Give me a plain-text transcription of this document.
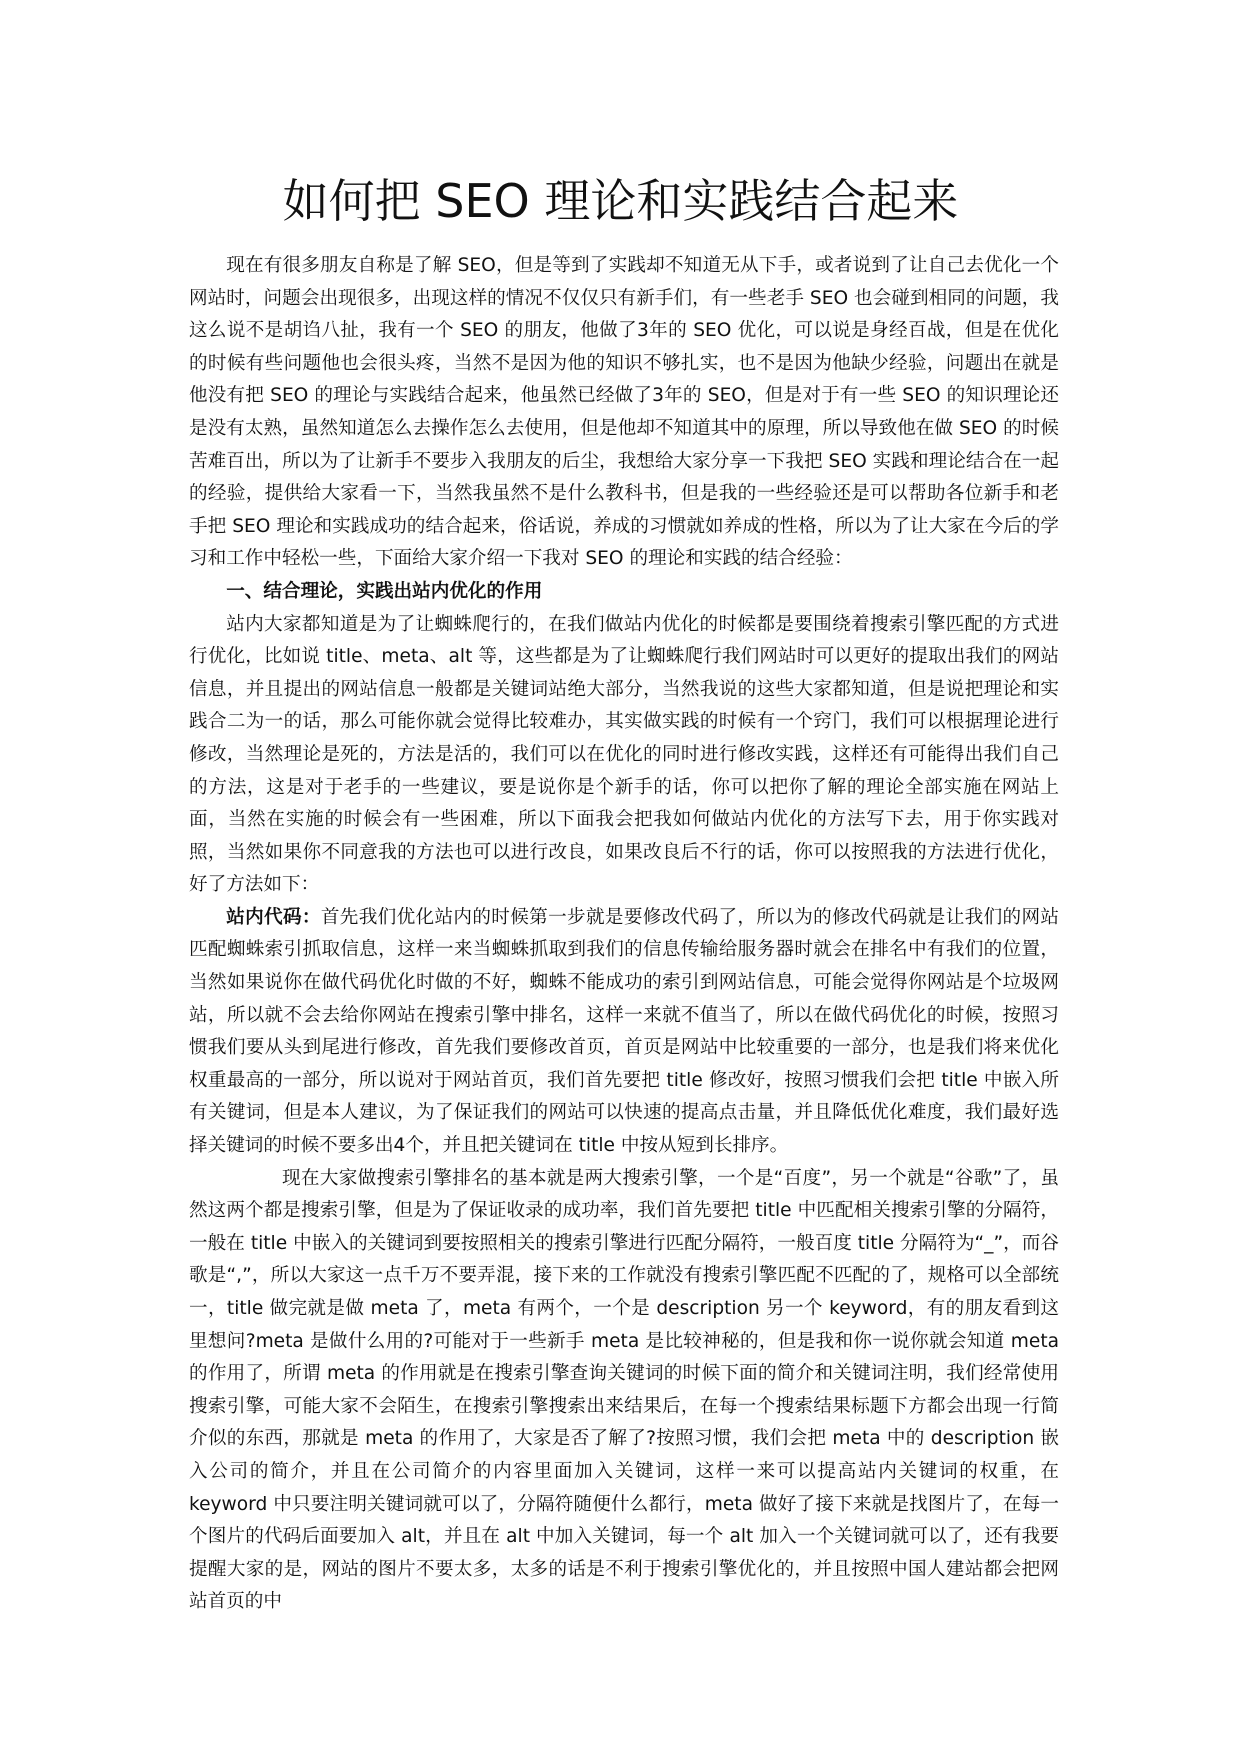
如何把 SEO 理论和实践结合起来

现在有很多朋友自称是了解 SEO，但是等到了实践却不知道无从下手，或者说到了让自己去优化一个网站时，问题会出现很多，出现这样的情况不仅仅只有新手们，有一些老手 SEO 也会碰到相同的问题，我这么说不是胡诌八扯，我有一个 SEO 的朋友，他做了3年的 SEO 优化，可以说是身经百战，但是在优化的时候有些问题他也会很头疼，当然不是因为他的知识不够扎实，也不是因为他缺少经验，问题出在就是他没有把 SEO 的理论与实践结合起来，他虽然已经做了3年的 SEO，但是对于有一些 SEO 的知识理论还是没有太熟，虽然知道怎么去操作怎么去使用，但是他却不知道其中的原理，所以导致他在做 SEO 的时候苦难百出，所以为了让新手不要步入我朋友的后尘，我想给大家分享一下我把 SEO 实践和理论结合在一起的经验，提供给大家看一下，当然我虽然不是什么教科书，但是我的一些经验还是可以帮助各位新手和老手把 SEO 理论和实践成功的结合起来，俗话说，养成的习惯就如养成的性格，所以为了让大家在今后的学习和工作中轻松一些，下面给大家介绍一下我对 SEO 的理论和实践的结合经验：

一、结合理论，实践出站内优化的作用

站内大家都知道是为了让蜘蛛爬行的，在我们做站内优化的时候都是要围绕着搜索引擎匹配的方式进行优化，比如说 title、meta、alt 等，这些都是为了让蜘蛛爬行我们网站时可以更好的提取出我们的网站信息，并且提出的网站信息一般都是关键词站绝大部分，当然我说的这些大家都知道，但是说把理论和实践合二为一的话，那么可能你就会觉得比较难办，其实做实践的时候有一个窍门，我们可以根据理论进行修改，当然理论是死的，方法是活的，我们可以在优化的同时进行修改实践，这样还有可能得出我们自己的方法，这是对于老手的一些建议，要是说你是个新手的话，你可以把你了解的理论全部实施在网站上面，当然在实施的时候会有一些困难，所以下面我会把我如何做站内优化的方法写下去，用于你实践对照，当然如果你不同意我的方法也可以进行改良，如果改良后不行的话，你可以按照我的方法进行优化，好了方法如下：

站内代码：首先我们优化站内的时候第一步就是要修改代码了，所以为的修改代码就是让我们的网站匹配蜘蛛索引抓取信息，这样一来当蜘蛛抓取到我们的信息传输给服务器时就会在排名中有我们的位置，当然如果说你在做代码优化时做的不好，蜘蛛不能成功的索引到网站信息，可能会觉得你网站是个垃圾网站，所以就不会去给你网站在搜索引擎中排名，这样一来就不值当了，所以在做代码优化的时候，按照习惯我们要从头到尾进行修改，首先我们要修改首页，首页是网站中比较重要的一部分，也是我们将来优化权重最高的一部分，所以说对于网站首页，我们首先要把 title 修改好，按照习惯我们会把 title 中嵌入所有关键词，但是本人建议，为了保证我们的网站可以快速的提高点击量，并且降低优化难度，我们最好选择关键词的时候不要多出4个，并且把关键词在 title 中按从短到长排序。

现在大家做搜索引擎排名的基本就是两大搜索引擎，一个是“百度”，另一个就是“谷歌”了，虽然这两个都是搜索引擎，但是为了保证收录的成功率，我们首先要把 title 中匹配相关搜索引擎的分隔符，一般在 title 中嵌入的关键词到要按照相关的搜索引擎进行匹配分隔符，一般百度 title 分隔符为“_”，而谷歌是“,”，所以大家这一点千万不要弄混，接下来的工作就没有搜索引擎匹配不匹配的了，规格可以全部统一，title 做完就是做 meta 了，meta 有两个，一个是 description 另一个 keyword，有的朋友看到这里想问?meta 是做什么用的?可能对于一些新手 meta 是比较神秘的，但是我和你一说你就会知道 meta 的作用了，所谓 meta 的作用就是在搜索引擎查询关键词的时候下面的简介和关键词注明，我们经常使用搜索引擎，可能大家不会陌生，在搜索引擎搜索出来结果后，在每一个搜索结果标题下方都会出现一行简介似的东西，那就是 meta 的作用了，大家是否了解了?按照习惯，我们会把 meta 中的 description 嵌入公司的简介，并且在公司简介的内容里面加入关键词，这样一来可以提高站内关键词的权重，在 keyword 中只要注明关键词就可以了，分隔符随便什么都行，meta 做好了接下来就是找图片了，在每一个图片的代码后面要加入 alt，并且在 alt 中加入关键词，每一个 alt 加入一个关键词就可以了，还有我要提醒大家的是，网站的图片不要太多，太多的话是不利于搜索引擎优化的，并且按照中国人建站都会把网站首页的中
